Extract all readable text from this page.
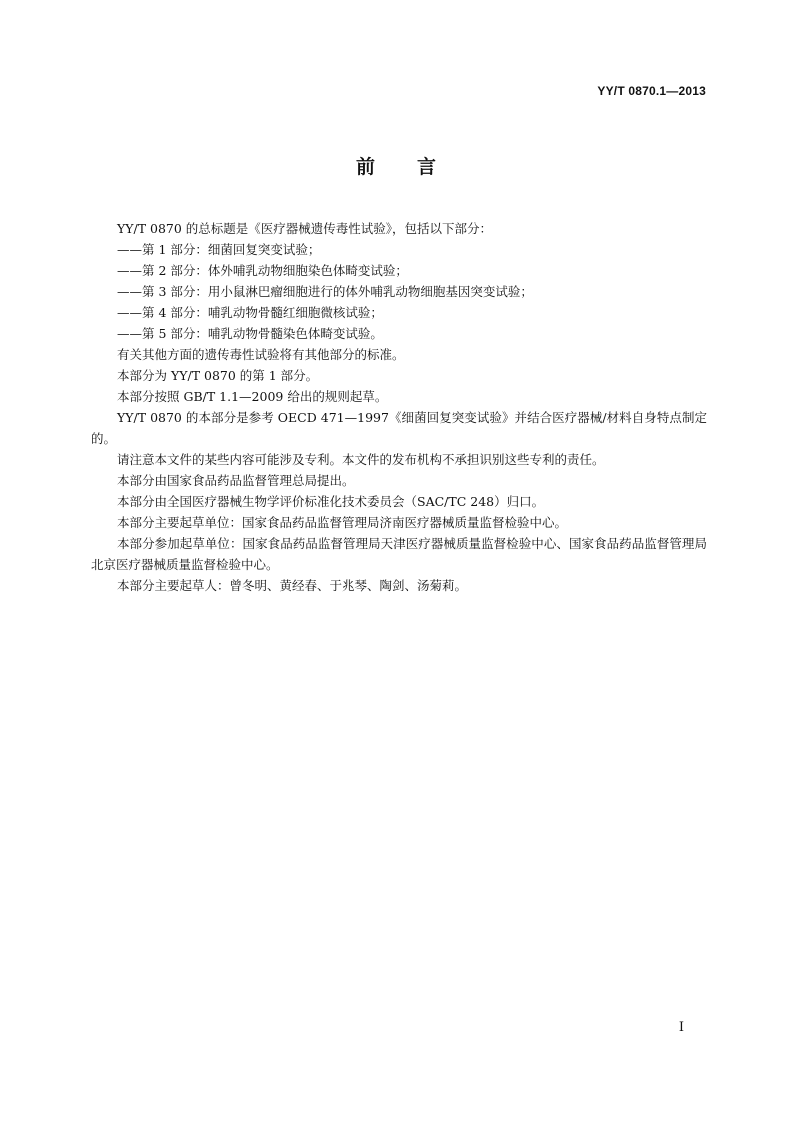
YY/T 0870.1—2013
前 言

YY/T 0870 的总标题是《医疗器械遗传毒性试验》，包括以下部分：

——第 1 部分：细菌回复突变试验；

——第 2 部分：体外哺乳动物细胞染色体畸变试验；

——第 3 部分：用小鼠淋巴瘤细胞进行的体外哺乳动物细胞基因突变试验；

——第 4 部分：哺乳动物骨髓红细胞微核试验；

——第 5 部分：哺乳动物骨髓染色体畸变试验。

有关其他方面的遗传毒性试验将有其他部分的标准。

本部分为 YY/T 0870 的第 1 部分。

本部分按照 GB/T 1.1—2009 给出的规则起草。

YY/T 0870 的本部分是参考 OECD 471—1997《细菌回复突变试验》并结合医疗器械/材料自身特点制定的。

请注意本文件的某些内容可能涉及专利。本文件的发布机构不承担识别这些专利的责任。

本部分由国家食品药品监督管理总局提出。

本部分由全国医疗器械生物学评价标准化技术委员会（SAC/TC 248）归口。

本部分主要起草单位：国家食品药品监督管理局济南医疗器械质量监督检验中心。

本部分参加起草单位：国家食品药品监督管理局天津医疗器械质量监督检验中心、国家食品药品监督管理局北京医疗器械质量监督检验中心。

本部分主要起草人：曾冬明、黄经春、于兆琴、陶剑、汤菊莉。

I
